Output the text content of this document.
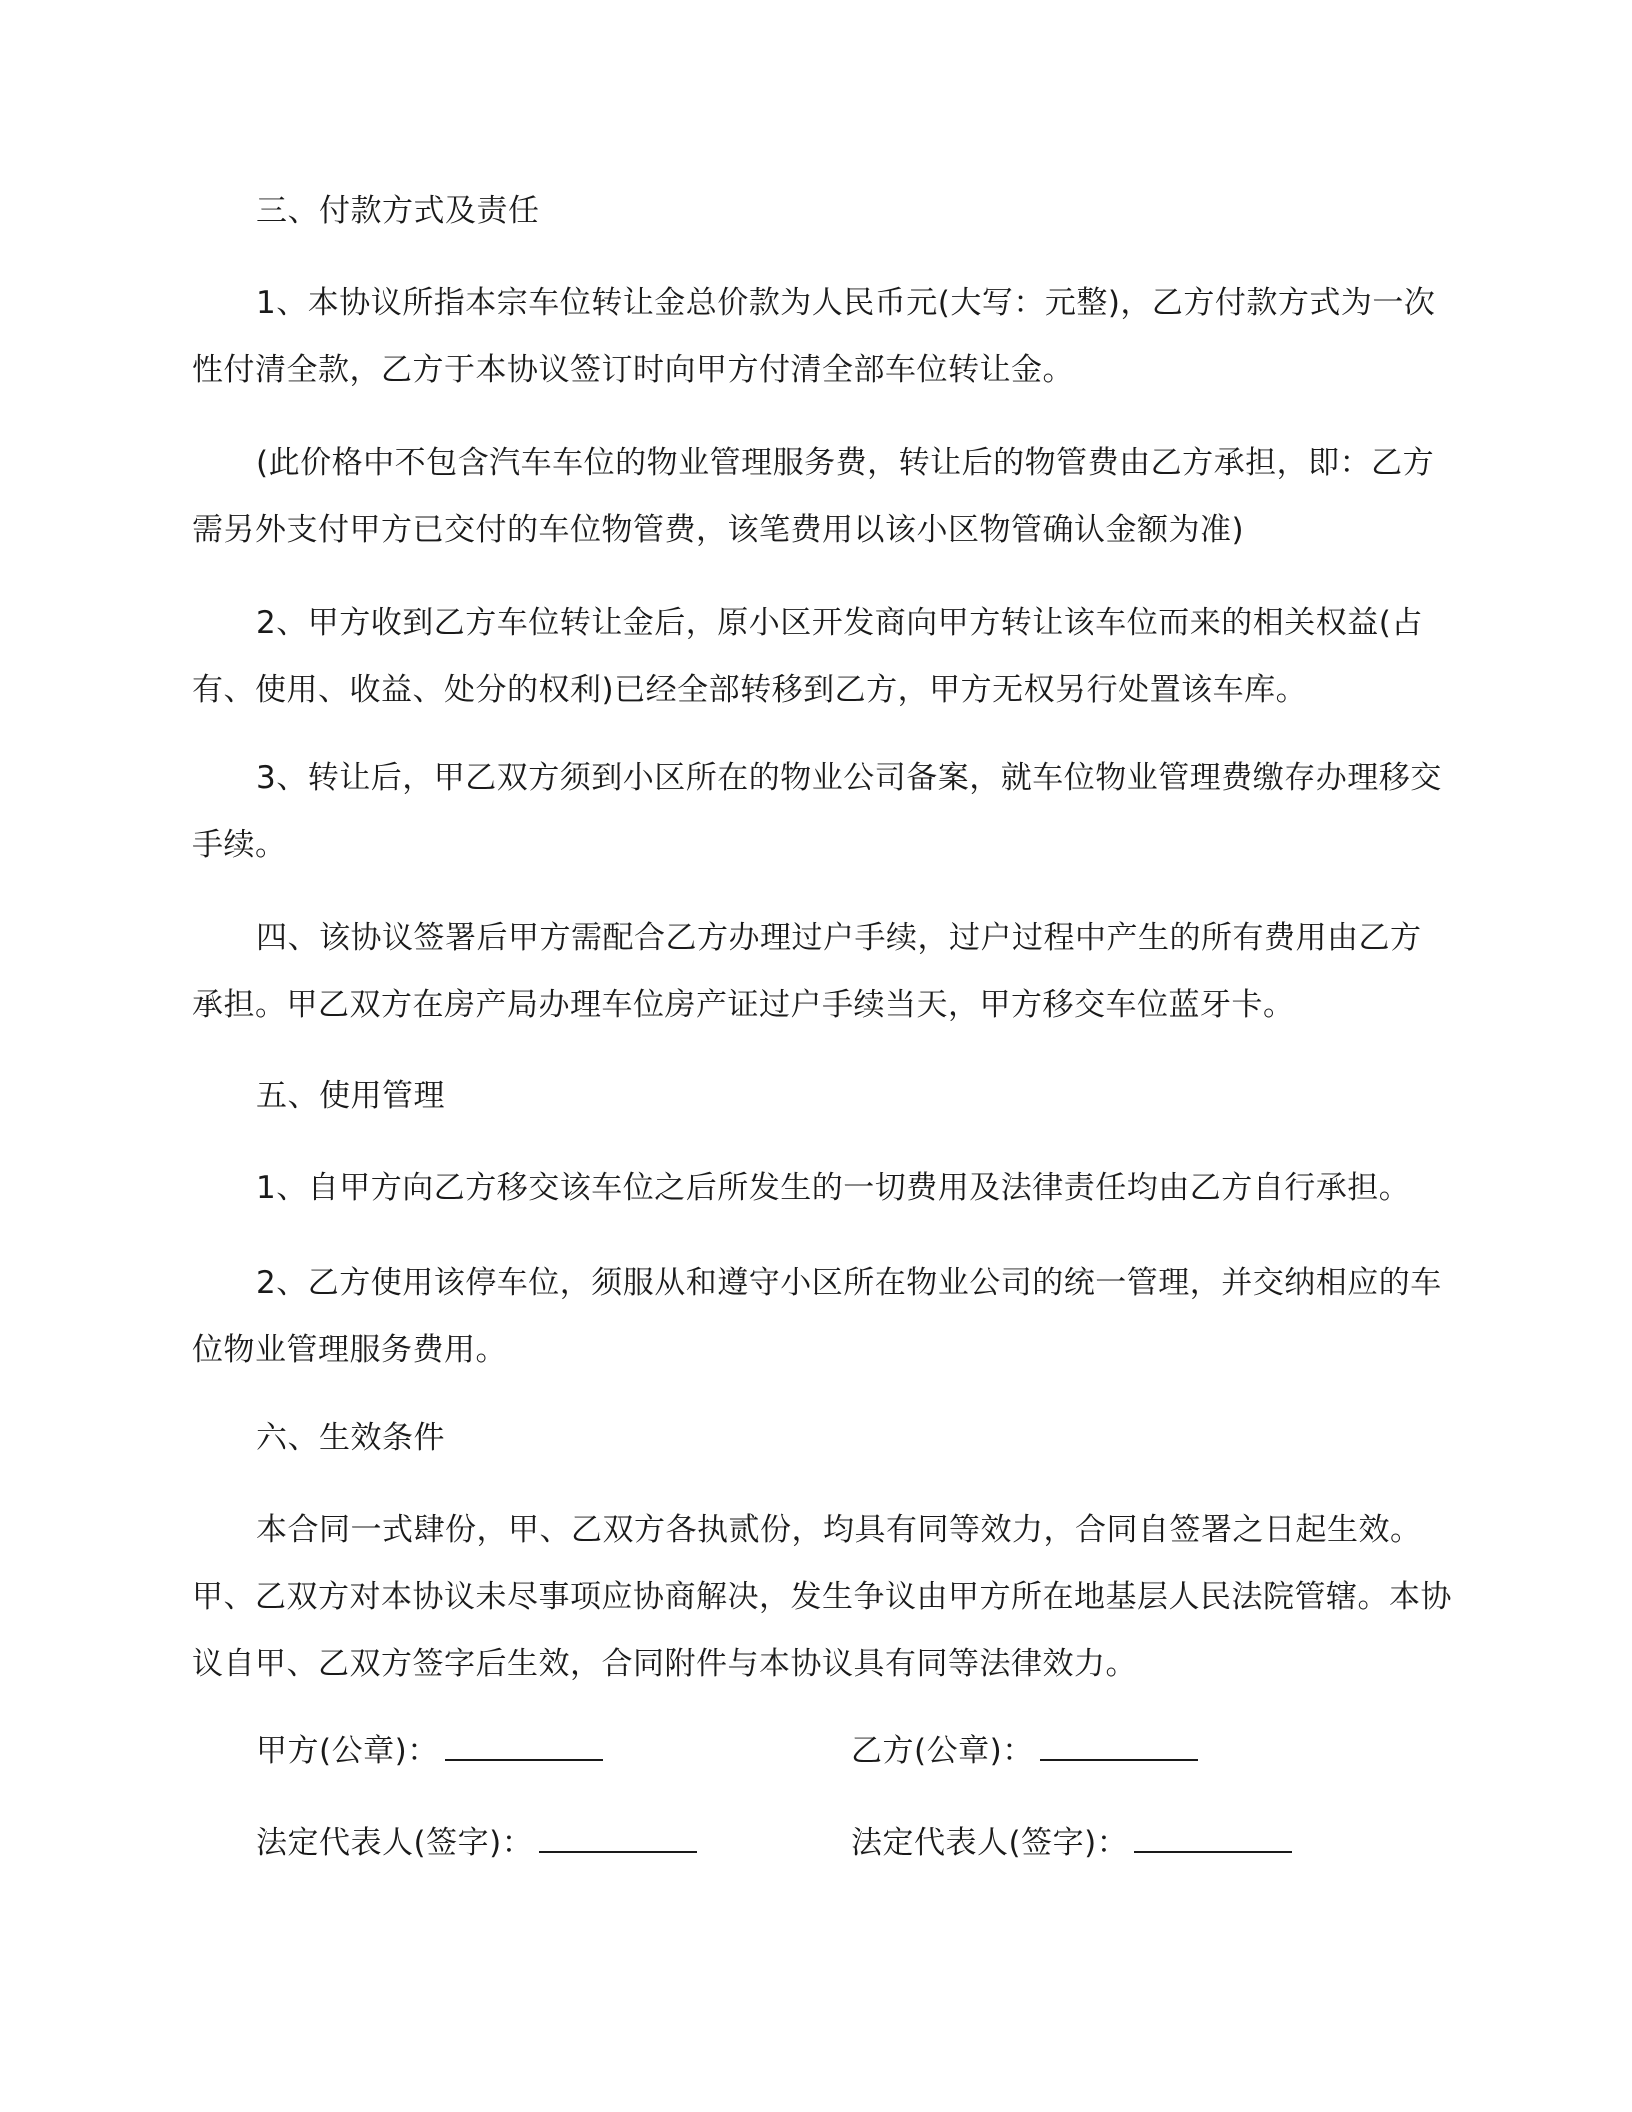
三、付款方式及责任
1、本协议所指本宗车位转让金总价款为人民币元(大写：元整)，乙方付款方式为一次性付清全款，乙方于本协议签订时向甲方付清全部车位转让金。
(此价格中不包含汽车车位的物业管理服务费，转让后的物管费由乙方承担，即：乙方需另外支付甲方已交付的车位物管费，该笔费用以该小区物管确认金额为准)
2、甲方收到乙方车位转让金后，原小区开发商向甲方转让该车位而来的相关权益(占有、使用、收益、处分的权利)已经全部转移到乙方，甲方无权另行处置该车库。
3、转让后，甲乙双方须到小区所在的物业公司备案，就车位物业管理费缴存办理移交手续。
四、该协议签署后甲方需配合乙方办理过户手续，过户过程中产生的所有费用由乙方承担。甲乙双方在房产局办理车位房产证过户手续当天，甲方移交车位蓝牙卡。
五、使用管理
1、自甲方向乙方移交该车位之后所发生的一切费用及法律责任均由乙方自行承担。
2、乙方使用该停车位，须服从和遵守小区所在物业公司的统一管理，并交纳相应的车位物业管理服务费用。
六、生效条件
本合同一式肆份，甲、乙双方各执贰份，均具有同等效力，合同自签署之日起生效。甲、乙双方对本协议未尽事项应协商解决，发生争议由甲方所在地基层人民法院管辖。本协议自甲、乙双方签字后生效，合同附件与本协议具有同等法律效力。
甲方(公章)：	乙方(公章)：
法定代表人(签字)：	法定代表人(签字)：
